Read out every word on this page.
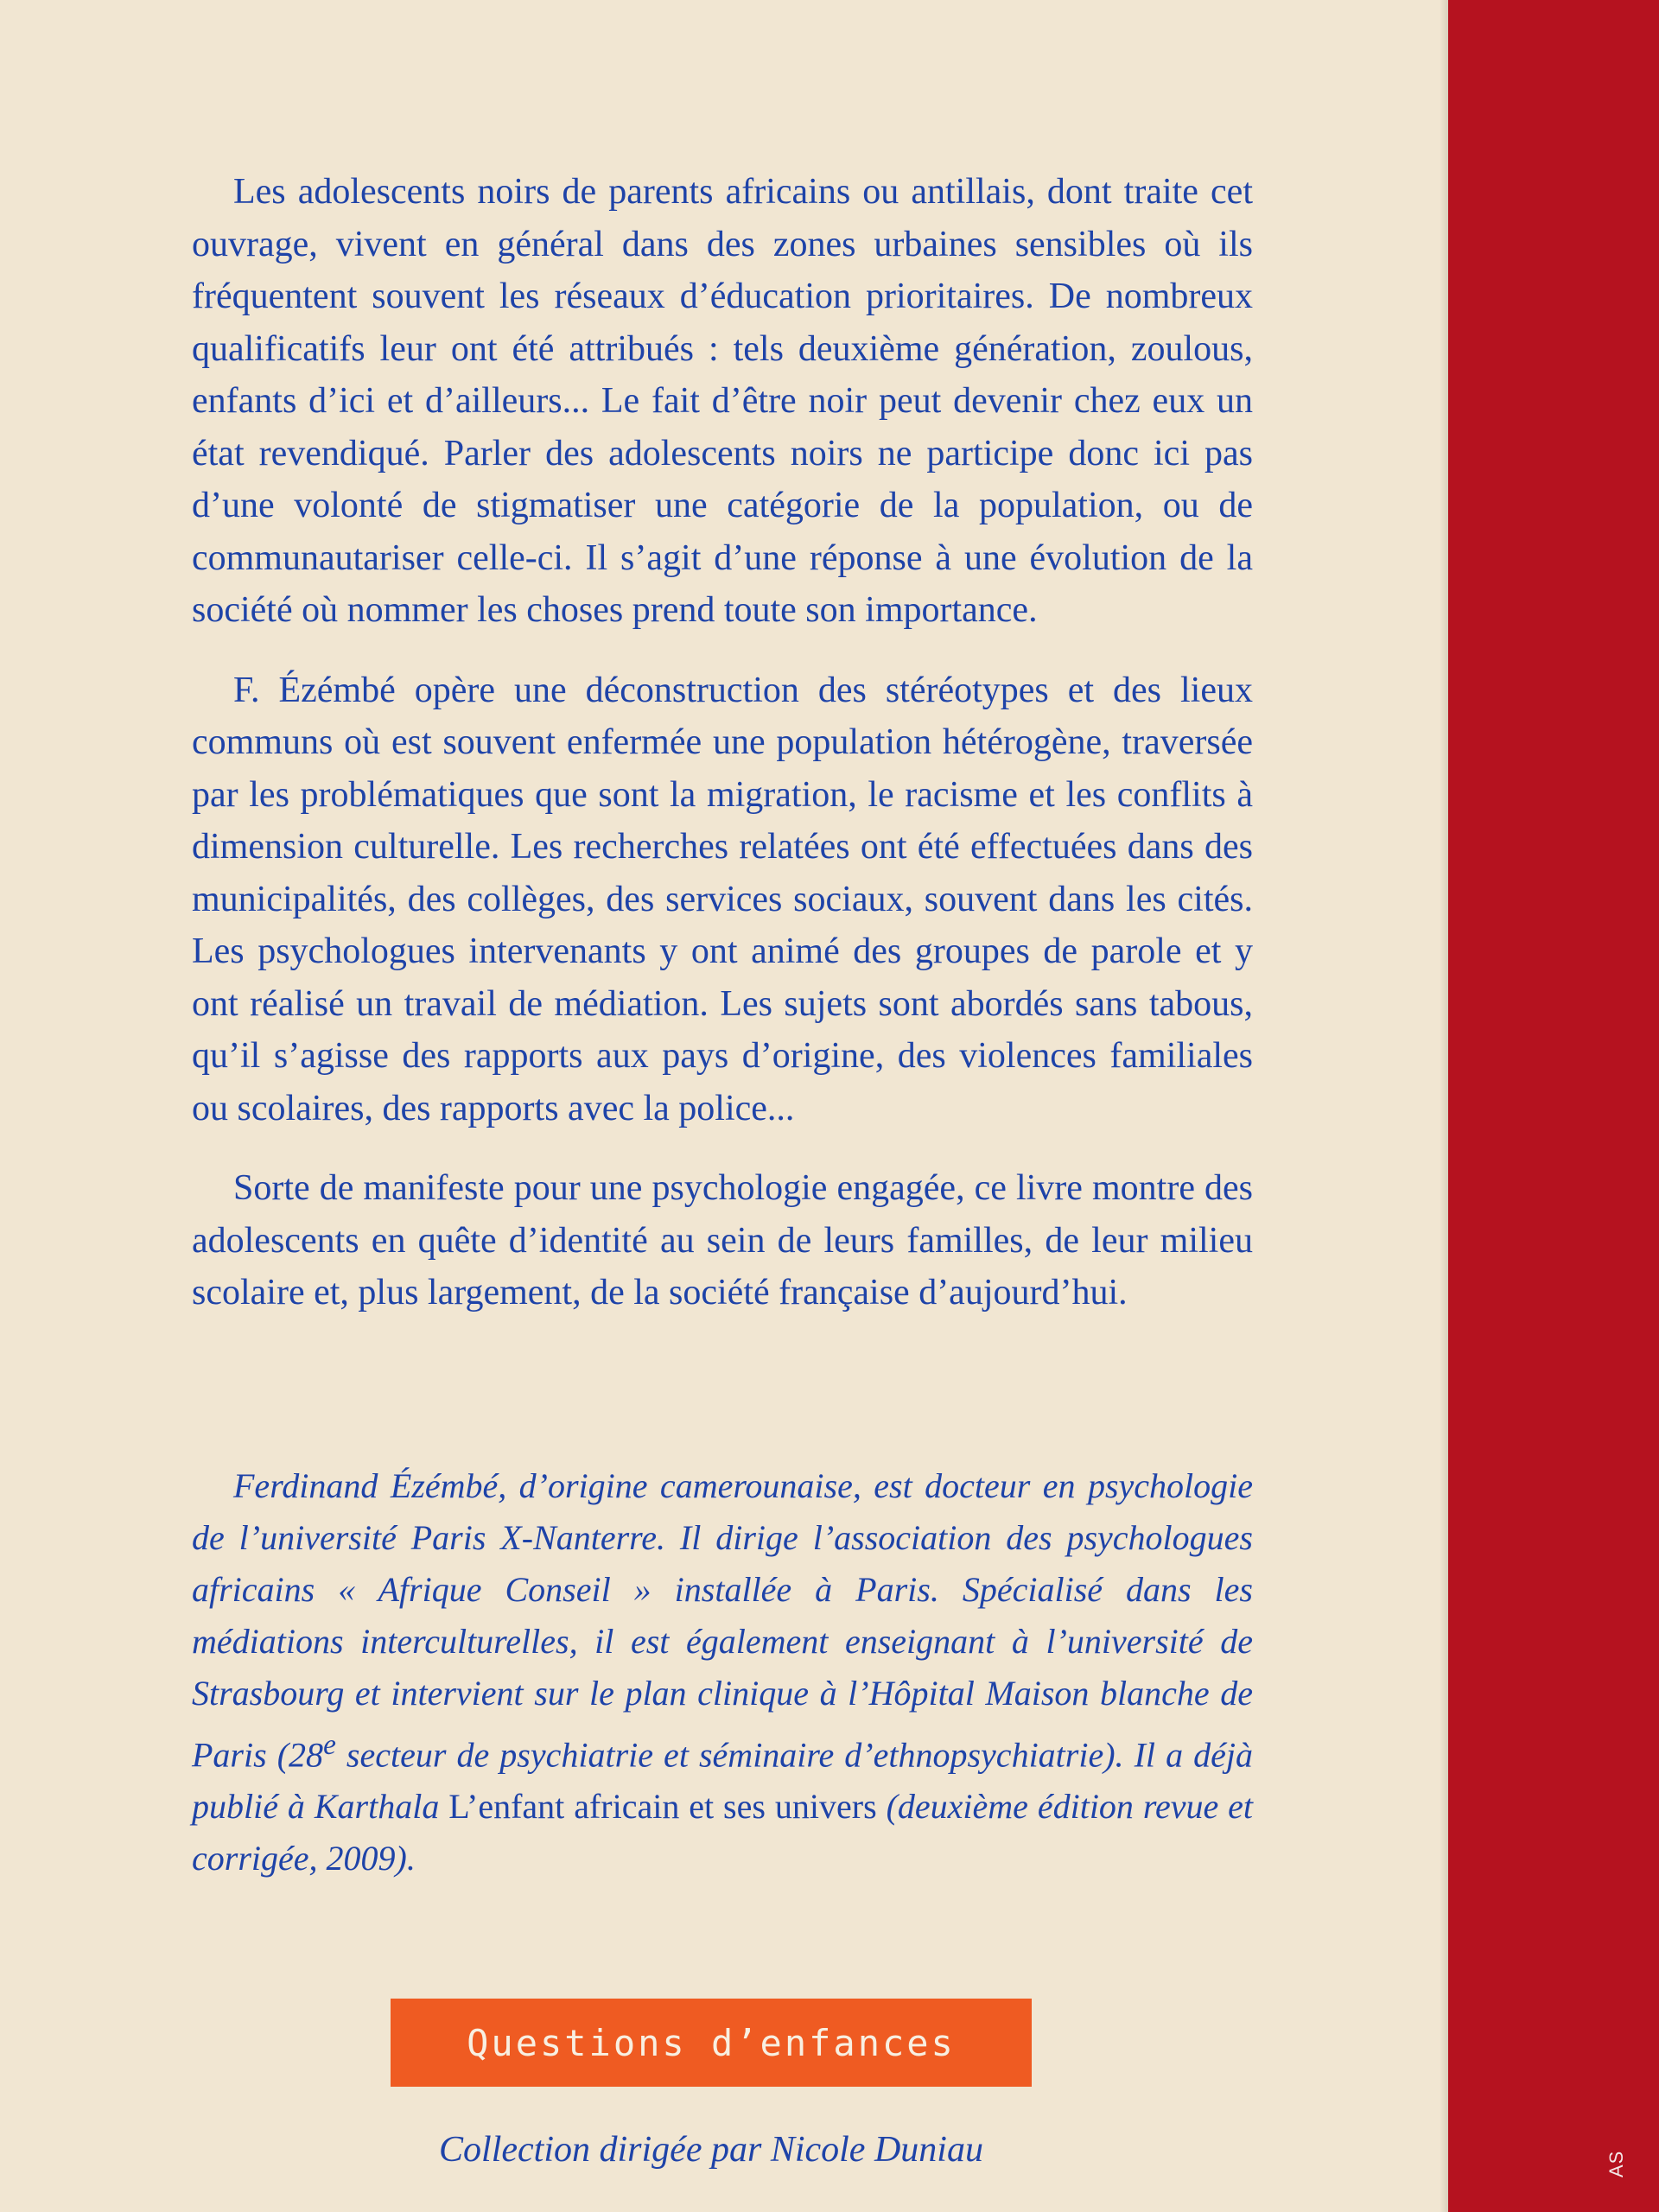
AS

Les adolescents noirs de parents africains ou antillais, dont traite cet ouvrage, vivent en général dans des zones urbaines sensibles où ils fréquentent souvent les réseaux d’éducation prioritaires. De nombreux qualificatifs leur ont été attribués : tels deuxième génération, zoulous, enfants d’ici et d’ailleurs... Le fait d’être noir peut devenir chez eux un état revendiqué. Parler des adolescents noirs ne participe donc ici pas d’une volonté de stigmatiser une catégorie de la population, ou de communautariser celle-ci. Il s’agit d’une réponse à une évolution de la société où nommer les choses prend toute son importance.

F. Ézémbé opère une déconstruction des stéréotypes et des lieux communs où est souvent enfermée une population hétérogène, traversée par les problématiques que sont la migration, le racisme et les conflits à dimension culturelle. Les recherches relatées ont été effectuées dans des municipalités, des collèges, des services sociaux, souvent dans les cités. Les psychologues intervenants y ont animé des groupes de parole et y ont réalisé un travail de médiation. Les sujets sont abordés sans tabous, qu’il s’agisse des rapports aux pays d’origine, des violences familiales ou scolaires, des rapports avec la police...

Sorte de manifeste pour une psychologie engagée, ce livre montre des adolescents en quête d’identité au sein de leurs familles, de leur milieu scolaire et, plus largement, de la société française d’aujourd’hui.

Ferdinand Ézémbé, d’origine camerounaise, est docteur en psychologie de l’université Paris X-Nanterre. Il dirige l’association des psychologues africains « Afrique Conseil » installée à Paris. Spécialisé dans les médiations interculturelles, il est également enseignant à l’université de Strasbourg et intervient sur le plan clinique à l’Hôpital Maison blanche de Paris (28e secteur de psychiatrie et séminaire d’ethnopsychiatrie). Il a déjà publié à Karthala L’enfant africain et ses univers (deuxième édition revue et corrigée, 2009).

Questions d’enfances
Collection dirigée par Nicole Duniau
